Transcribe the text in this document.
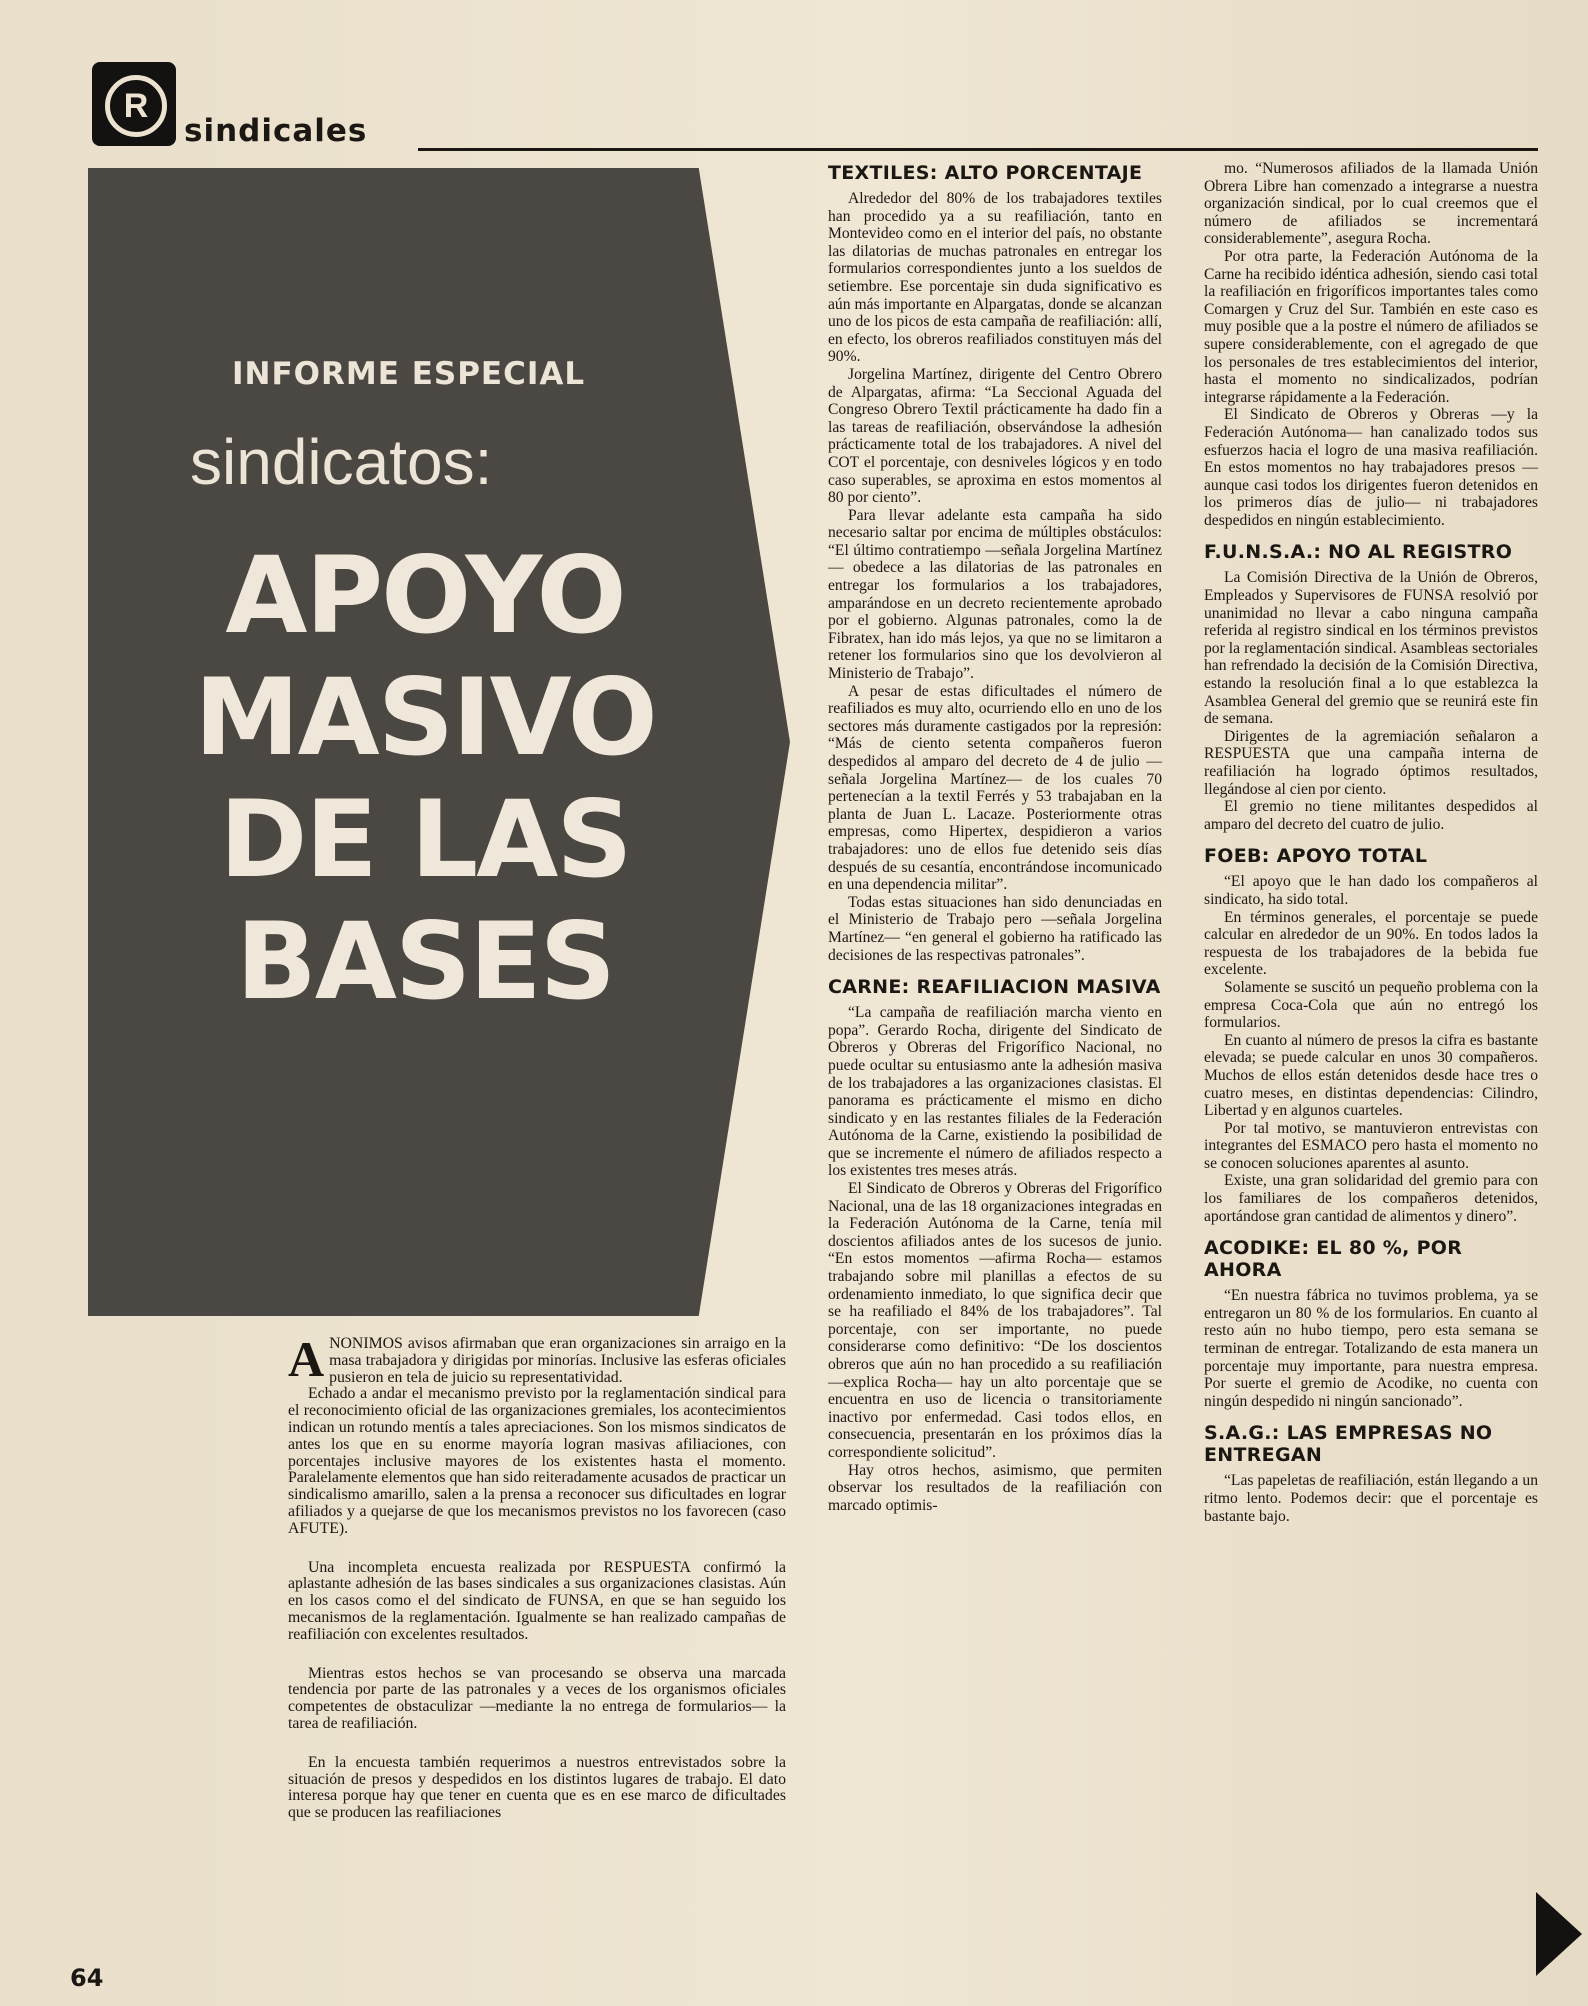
R
sindicales
INFORME ESPECIAL
sindicatos:
APOYO
MASIVO
DE LAS
BASES

ANONIMOS avisos afirmaban que eran organizaciones sin arraigo en la masa trabajadora y dirigidas por minorías. Inclusive las esferas oficiales pusieron en tela de juicio su representatividad.

Echado a andar el mecanismo previsto por la reglamentación sindical para el reconocimiento oficial de las organizaciones gremiales, los acontecimientos indican un rotundo mentís a tales apreciaciones. Son los mismos sindicatos de antes los que en su enorme mayoría logran masivas afiliaciones, con porcentajes inclusive mayores de los existentes hasta el momento. Paralelamente elementos que han sido reiteradamente acusados de practicar un sindicalismo amarillo, salen a la prensa a reconocer sus dificultades en lograr afiliados y a quejarse de que los mecanismos previstos no los favorecen (caso AFUTE).

Una incompleta encuesta realizada por RESPUESTA confirmó la aplastante adhesión de las bases sindicales a sus organizaciones clasistas. Aún en los casos como el del sindicato de FUNSA, en que se han seguido los mecanismos de la reglamentación. Igualmente se han realizado campañas de reafiliación con excelentes resultados.

Mientras estos hechos se van procesando se observa una marcada tendencia por parte de las patronales y a veces de los organismos oficiales competentes de obstaculizar —mediante la no entrega de formularios— la tarea de reafiliación.

En la encuesta también requerimos a nuestros entrevistados sobre la situación de presos y despedidos en los distintos lugares de trabajo. El dato interesa porque hay que tener en cuenta que es en ese marco de dificultades que se producen las reafiliaciones

TEXTILES: ALTO PORCENTAJE

Alrededor del 80% de los trabajadores textiles han procedido ya a su reafiliación, tanto en Montevideo como en el interior del país, no obstante las dilatorias de muchas patronales en entregar los formularios correspondientes junto a los sueldos de setiembre. Ese porcentaje sin duda significativo es aún más importante en Alpargatas, donde se alcanzan uno de los picos de esta campaña de reafiliación: allí, en efecto, los obreros reafiliados constituyen más del 90%.

Jorgelina Martínez, dirigente del Centro Obrero de Alpargatas, afirma: “La Seccional Aguada del Congreso Obrero Textil prácticamente ha dado fin a las tareas de reafiliación, observándose la adhesión prácticamente total de los trabajadores. A nivel del COT el porcentaje, con desniveles lógicos y en todo caso superables, se aproxima en estos momentos al 80 por ciento”.

Para llevar adelante esta campaña ha sido necesario saltar por encima de múltiples obstáculos: “El último contratiempo —señala Jorgelina Martínez— obedece a las dilatorias de las patronales en entregar los formularios a los trabajadores, amparándose en un decreto recientemente aprobado por el gobierno. Algunas patronales, como la de Fibratex, han ido más lejos, ya que no se limitaron a retener los formularios sino que los devolvieron al Ministerio de Trabajo”.

A pesar de estas dificultades el número de reafiliados es muy alto, ocurriendo ello en uno de los sectores más duramente castigados por la represión: “Más de ciento setenta compañeros fueron despedidos al amparo del decreto de 4 de julio —señala Jorgelina Martínez— de los cuales 70 pertenecían a la textil Ferrés y 53 trabajaban en la planta de Juan L. Lacaze. Posteriormente otras empresas, como Hipertex, despidieron a varios trabajadores: uno de ellos fue detenido seis días después de su cesantía, encontrándose incomunicado en una dependencia militar”.

Todas estas situaciones han sido denunciadas en el Ministerio de Trabajo pero —señala Jorgelina Martínez— “en general el gobierno ha ratificado las decisiones de las respectivas patronales”.

CARNE: REAFILIACION MASIVA

“La campaña de reafiliación marcha viento en popa”. Gerardo Rocha, dirigente del Sindicato de Obreros y Obreras del Frigorífico Nacional, no puede ocultar su entusiasmo ante la adhesión masiva de los trabajadores a las organizaciones clasistas. El panorama es prácticamente el mismo en dicho sindicato y en las restantes filiales de la Federación Autónoma de la Carne, existiendo la posibilidad de que se incremente el número de afiliados respecto a los existentes tres meses atrás.

El Sindicato de Obreros y Obreras del Frigorífico Nacional, una de las 18 organizaciones integradas en la Federación Autónoma de la Carne, tenía mil doscientos afiliados antes de los sucesos de junio. “En estos momentos —afirma Rocha— estamos trabajando sobre mil planillas a efectos de su ordenamiento inmediato, lo que significa decir que se ha reafiliado el 84% de los trabajadores”. Tal porcentaje, con ser importante, no puede considerarse como definitivo: “De los doscientos obreros que aún no han procedido a su reafiliación —explica Rocha— hay un alto porcentaje que se encuentra en uso de licencia o transitoriamente inactivo por enfermedad. Casi todos ellos, en consecuencia, presentarán en los próximos días la correspondiente solicitud”.

Hay otros hechos, asimismo, que permiten observar los resultados de la reafiliación con marcado optimis-

mo. “Numerosos afiliados de la llamada Unión Obrera Libre han comenzado a integrarse a nuestra organización sindical, por lo cual creemos que el número de afiliados se incrementará considerablemente”, asegura Rocha.

Por otra parte, la Federación Autónoma de la Carne ha recibido idéntica adhesión, siendo casi total la reafiliación en frigoríficos importantes tales como Comargen y Cruz del Sur. También en este caso es muy posible que a la postre el número de afiliados se supere considerablemente, con el agregado de que los personales de tres establecimientos del interior, hasta el momento no sindicalizados, podrían integrarse rápidamente a la Federación.

El Sindicato de Obreros y Obreras —y la Federación Autónoma— han canalizado todos sus esfuerzos hacia el logro de una masiva reafiliación. En estos momentos no hay trabajadores presos —aunque casi todos los dirigentes fueron detenidos en los primeros días de julio— ni trabajadores despedidos en ningún establecimiento.

F.U.N.S.A.: NO AL REGISTRO

La Comisión Directiva de la Unión de Obreros, Empleados y Supervisores de FUNSA resolvió por unanimidad no llevar a cabo ninguna campaña referida al registro sindical en los términos previstos por la reglamentación sindical. Asambleas sectoriales han refrendado la decisión de la Comisión Directiva, estando la resolución final a lo que establezca la Asamblea General del gremio que se reunirá este fin de semana.

Dirigentes de la agremiación señalaron a RESPUESTA que una campaña interna de reafiliación ha logrado óptimos resultados, llegándose al cien por ciento.

El gremio no tiene militantes despedidos al amparo del decreto del cuatro de julio.

FOEB: APOYO TOTAL

“El apoyo que le han dado los compañeros al sindicato, ha sido total.

En términos generales, el porcentaje se puede calcular en alrededor de un 90%. En todos lados la respuesta de los trabajadores de la bebida fue excelente.

Solamente se suscitó un pequeño problema con la empresa Coca-Cola que aún no entregó los formularios.

En cuanto al número de presos la cifra es bastante elevada; se puede calcular en unos 30 compañeros. Muchos de ellos están detenidos desde hace tres o cuatro meses, en distintas dependencias: Cilindro, Libertad y en algunos cuarteles.

Por tal motivo, se mantuvieron entrevistas con integrantes del ESMACO pero hasta el momento no se conocen soluciones aparentes al asunto.

Existe, una gran solidaridad del gremio para con los familiares de los compañeros detenidos, aportándose gran cantidad de alimentos y dinero”.

ACODIKE: EL 80 %, POR AHORA

“En nuestra fábrica no tuvimos problema, ya se entregaron un 80 % de los formularios. En cuanto al resto aún no hubo tiempo, pero esta semana se terminan de entregar. Totalizando de esta manera un porcentaje muy importante, para nuestra empresa. Por suerte el gremio de Acodike, no cuenta con ningún despedido ni ningún sancionado”.

S.A.G.: LAS EMPRESAS NO ENTREGAN

“Las papeletas de reafiliación, están llegando a un ritmo lento. Podemos decir: que el porcentaje es bastante bajo.

64
